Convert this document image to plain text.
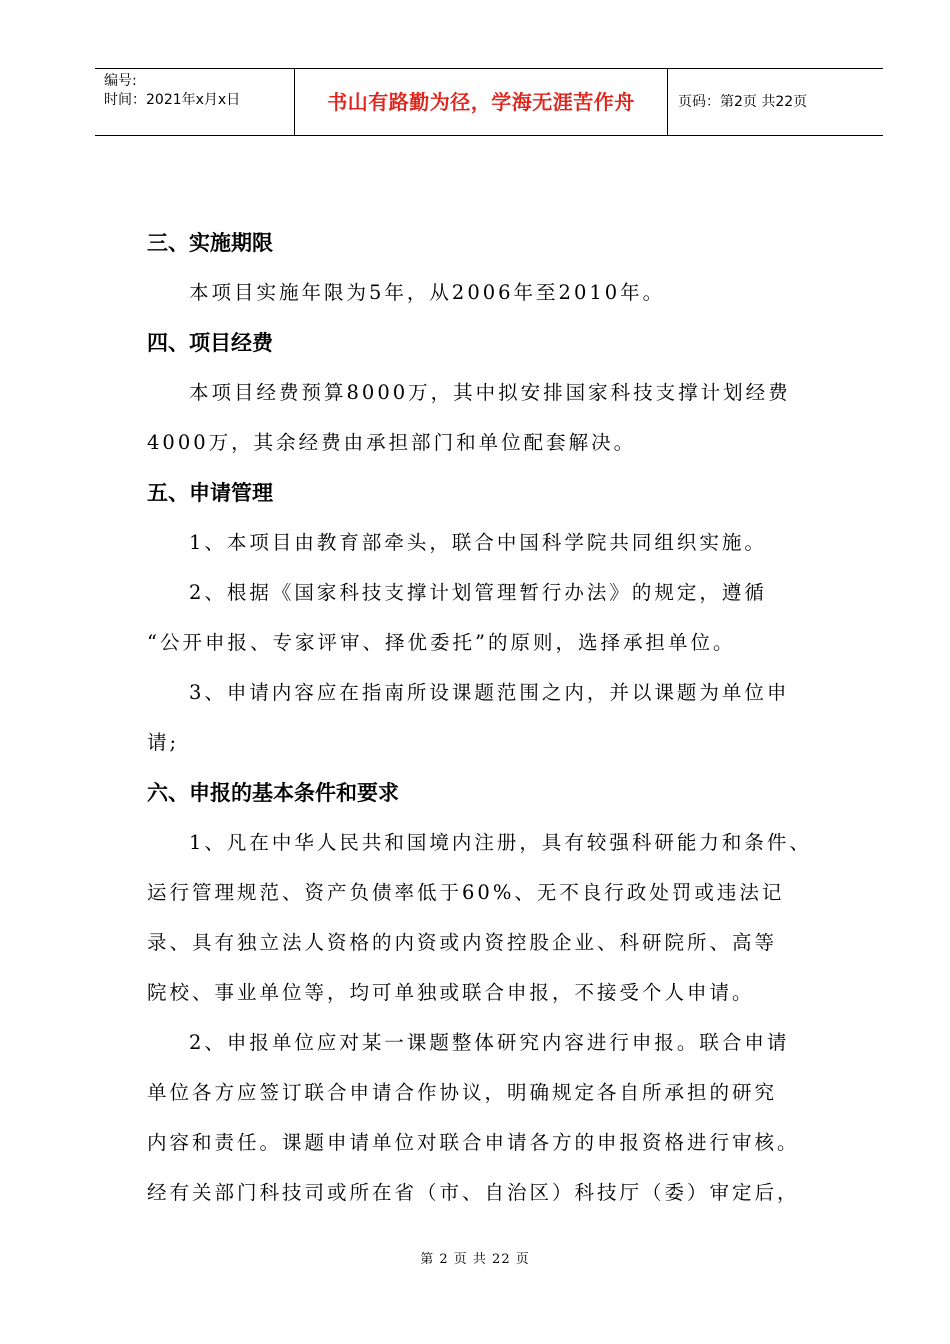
编号:
时间：2021年x月x日	书山有路勤为径，学海无涯苦作舟	页码：第2页 共22页
三、实施期限
本项目实施年限为5年，从2006年至2010年。
四、项目经费
本项目经费预算8000万，其中拟安排国家科技支撑计划经费
4000万，其余经费由承担部门和单位配套解决。
五、申请管理
1、本项目由教育部牵头，联合中国科学院共同组织实施。
2、根据《国家科技支撑计划管理暂行办法》的规定，遵循
“公开申报、专家评审、择优委托”的原则，选择承担单位。
3、申请内容应在指南所设课题范围之内，并以课题为单位申
请;
六、申报的基本条件和要求
1、凡在中华人民共和国境内注册，具有较强科研能力和条件、
运行管理规范、资产负债率低于60%、无不良行政处罚或违法记
录、具有独立法人资格的内资或内资控股企业、科研院所、高等
院校、事业单位等，均可单独或联合申报，不接受个人申请。
2、申报单位应对某一课题整体研究内容进行申报。联合申请
单位各方应签订联合申请合作协议，明确规定各自所承担的研究
内容和责任。课题申请单位对联合申请各方的申报资格进行审核。
经有关部门科技司或所在省（市、自治区）科技厅（委）审定后，
第 2 页 共 22 页
